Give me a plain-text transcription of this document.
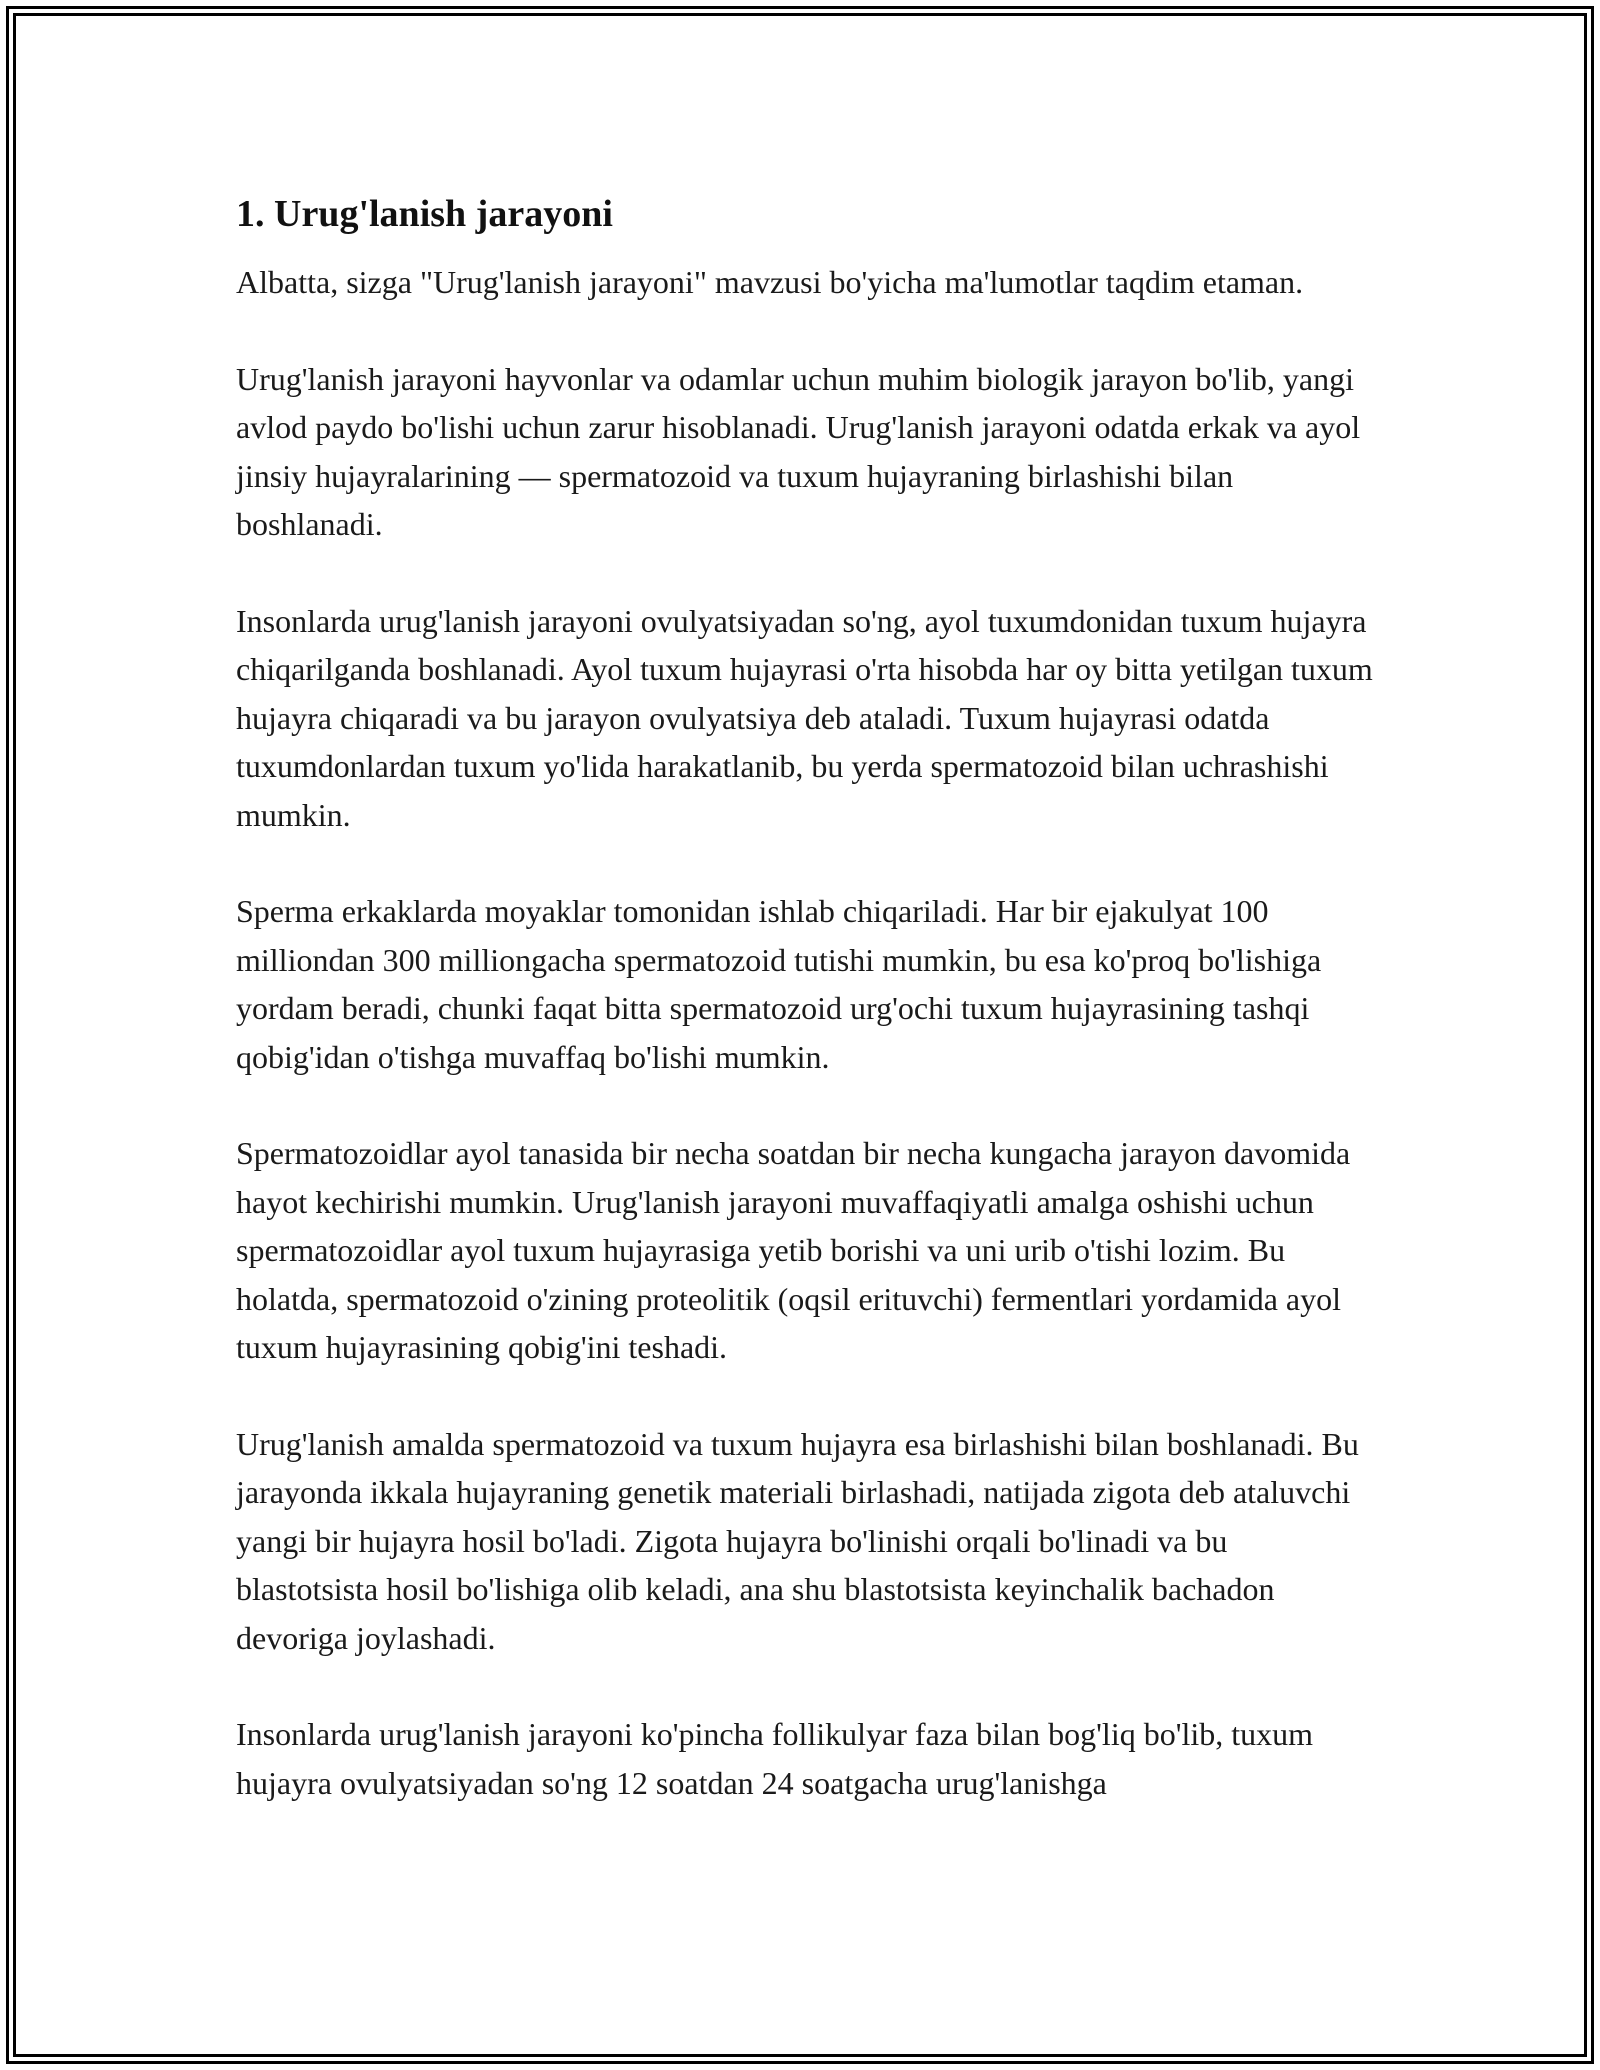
1. Urug'lanish jarayoni

Albatta, sizga "Urug'lanish jarayoni" mavzusi bo'yicha ma'lumotlar taqdim etaman.

Urug'lanish jarayoni hayvonlar va odamlar uchun muhim biologik jarayon bo'lib, yangi avlod paydo bo'lishi uchun zarur hisoblanadi. Urug'lanish jarayoni odatda erkak va ayol jinsiy hujayralarining — spermatozoid va tuxum hujayraning birlashishi bilan boshlanadi.

Insonlarda urug'lanish jarayoni ovulyatsiyadan so'ng, ayol tuxumdonidan tuxum hujayra chiqarilganda boshlanadi. Ayol tuxum hujayrasi o'rta hisobda har oy bitta yetilgan tuxum hujayra chiqaradi va bu jarayon ovulyatsiya deb ataladi. Tuxum hujayrasi odatda tuxumdonlardan tuxum yo'lida harakatlanib, bu yerda spermatozoid bilan uchrashishi mumkin.

Sperma erkaklarda moyaklar tomonidan ishlab chiqariladi. Har bir ejakulyat 100 milliondan 300 milliongacha spermatozoid tutishi mumkin, bu esa ko'proq bo'lishiga yordam beradi, chunki faqat bitta spermatozoid urg'ochi tuxum hujayrasining tashqi qobig'idan o'tishga muvaffaq bo'lishi mumkin.

Spermatozoidlar ayol tanasida bir necha soatdan bir necha kungacha jarayon davomida hayot kechirishi mumkin. Urug'lanish jarayoni muvaffaqiyatli amalga oshishi uchun spermatozoidlar ayol tuxum hujayrasiga yetib borishi va uni urib o'tishi lozim. Bu holatda, spermatozoid o'zining proteolitik (oqsil erituvchi) fermentlari yordamida ayol tuxum hujayrasining qobig'ini teshadi.

Urug'lanish amalda spermatozoid va tuxum hujayra esa birlashishi bilan boshlanadi. Bu jarayonda ikkala hujayraning genetik materiali birlashadi, natijada zigota deb ataluvchi yangi bir hujayra hosil bo'ladi. Zigota hujayra bo'linishi orqali bo'linadi va bu blastotsista hosil bo'lishiga olib keladi, ana shu blastotsista keyinchalik bachadon devoriga joylashadi.

Insonlarda urug'lanish jarayoni ko'pincha follikulyar faza bilan bog'liq bo'lib, tuxum hujayra ovulyatsiyadan so'ng 12 soatdan 24 soatgacha urug'lanishga
